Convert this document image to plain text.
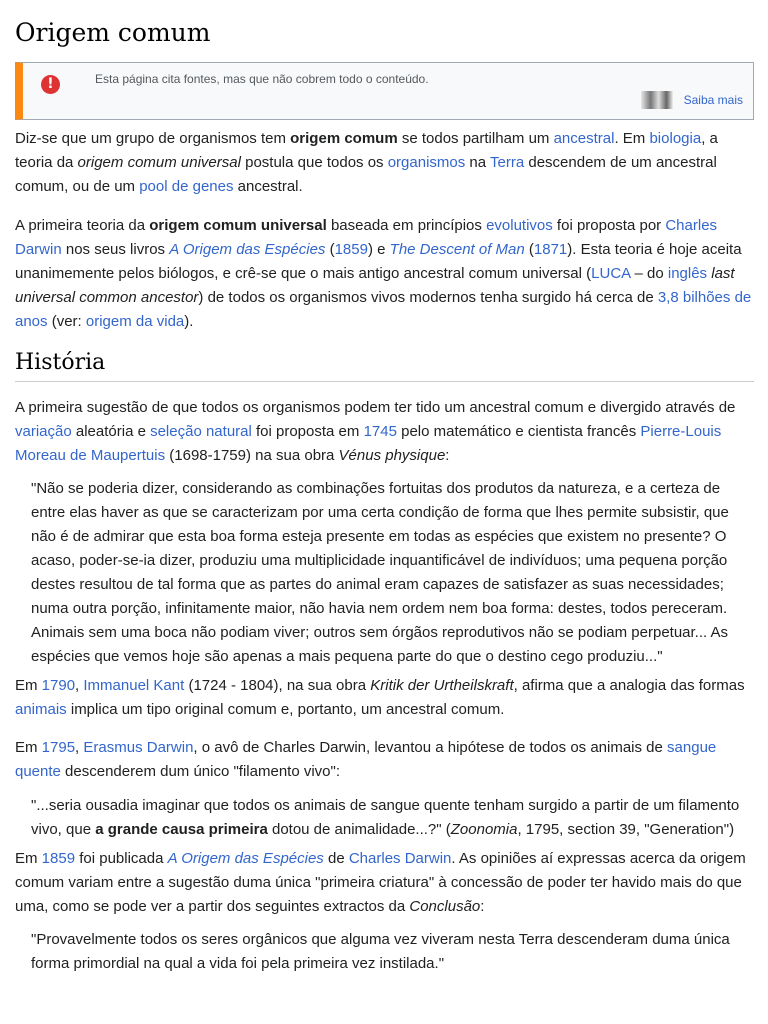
Origem comum
!	Esta página cita fontes, mas que não cobrem todo o conteúdo.
Saiba mais

Diz-se que um grupo de organismos tem origem comum se todos partilham um ancestral. Em biologia, a teoria da origem comum universal postula que todos os organismos na Terra descendem de um ancestral comum, ou de um pool de genes ancestral.

A primeira teoria da origem comum universal baseada em princípios evolutivos foi proposta por Charles Darwin nos seus livros A Origem das Espécies (1859) e The Descent of Man (1871). Esta teoria é hoje aceita unanimemente pelos biólogos, e crê-se que o mais antigo ancestral comum universal (LUCA – do inglês last universal common ancestor) de todos os organismos vivos modernos tenha surgido há cerca de 3,8 bilhões de anos (ver: origem da vida).

História

A primeira sugestão de que todos os organismos podem ter tido um ancestral comum e divergido através de variação aleatória e seleção natural foi proposta em 1745 pelo matemático e cientista francês Pierre-Louis Moreau de Maupertuis (1698-1759) na sua obra Vénus physique:

"Não se poderia dizer, considerando as combinações fortuitas dos produtos da natureza, e a certeza de entre elas haver as que se caracterizam por uma certa condição de forma que lhes permite subsistir, que não é de admirar que esta boa forma esteja presente em todas as espécies que existem no presente? O acaso, poder-se-ia dizer, produziu uma multiplicidade inquantificável de indivíduos; uma pequena porção destes resultou de tal forma que as partes do animal eram capazes de satisfazer as suas necessidades; numa outra porção, infinitamente maior, não havia nem ordem nem boa forma: destes, todos pereceram. Animais sem uma boca não podiam viver; outros sem órgãos reprodutivos não se podiam perpetuar... As espécies que vemos hoje são apenas a mais pequena parte do que o destino cego produziu..."

Em 1790, Immanuel Kant (1724 - 1804), na sua obra Kritik der Urtheilskraft, afirma que a analogia das formas animais implica um tipo original comum e, portanto, um ancestral comum.

Em 1795, Erasmus Darwin, o avô de Charles Darwin, levantou a hipótese de todos os animais de sangue quente descenderem dum único "filamento vivo":

"...seria ousadia imaginar que todos os animais de sangue quente tenham surgido a partir de um filamento vivo, que a grande causa primeira dotou de animalidade...?" (Zoonomia, 1795, section 39, "Generation")

Em 1859 foi publicada A Origem das Espécies de Charles Darwin. As opiniões aí expressas acerca da origem comum variam entre a sugestão duma única "primeira criatura" à concessão de poder ter havido mais do que uma, como se pode ver a partir dos seguintes extractos da Conclusão:

"Provavelmente todos os seres orgânicos que alguma vez viveram nesta Terra descenderam duma única forma primordial na qual a vida foi pela primeira vez instilada."
